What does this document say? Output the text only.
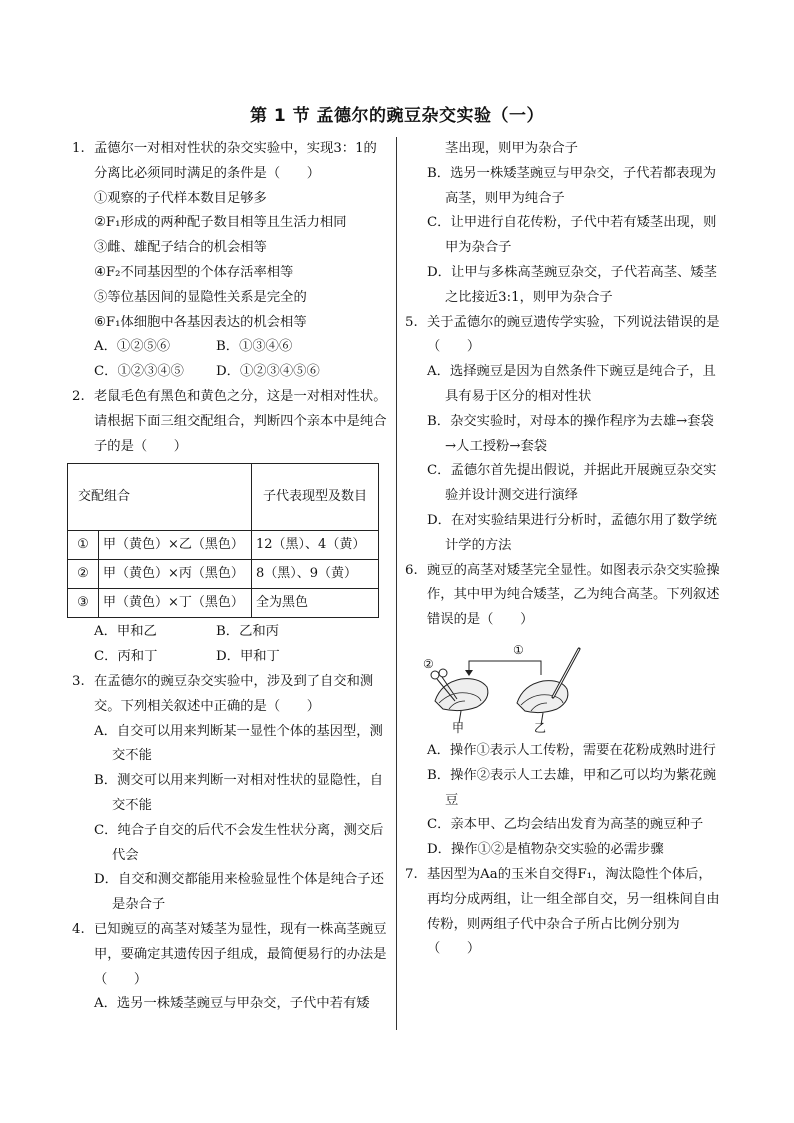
第 1 节 孟德尔的豌豆杂交实验（一）
1. 孟德尔一对相对性状的杂交实验中，实现3：1的分离比必须同时满足的条件是（　　）
①观察的子代样本数目足够多
②F₁形成的两种配子数目相等且生活力相同
③雌、雄配子结合的机会相等
④F₂不同基因型的个体存活率相等
⑤等位基因间的显隐性关系是完全的
⑥F₁体细胞中各基因表达的机会相等
A．①②⑤⑥	B．①③④⑥
C．①②③④⑤	D．①②③④⑤⑥
2. 老鼠毛色有黑色和黄色之分，这是一对相对性状。请根据下面三组交配组合，判断四个亲本中是纯合子的是（　　）
交配组合		子代表现型及数目
①	甲（黄色）×乙（黑色）	12（黑）、4（黄）
②	甲（黄色）×丙（黑色）	8（黑）、9（黄）
③	甲（黄色）×丁（黑色）	全为黑色
A．甲和乙	B．乙和丙
C．丙和丁	D．甲和丁
3. 在孟德尔的豌豆杂交实验中，涉及到了自交和测交。下列相关叙述中正确的是（　　）
A．自交可以用来判断某一显性个体的基因型，测交不能
B．测交可以用来判断一对相对性状的显隐性，自交不能
C．纯合子自交的后代不会发生性状分离，测交后代会
D．自交和测交都能用来检验显性个体是纯合子还是杂合子
4. 已知豌豆的高茎对矮茎为显性，现有一株高茎豌豆甲，要确定其遗传因子组成，最简便易行的办法是（　　）
A．选另一株矮茎豌豆与甲杂交，子代中若有矮
茎出现，则甲为杂合子
B．选另一株矮茎豌豆与甲杂交，子代若都表现为高茎，则甲为纯合子
C．让甲进行自花传粉，子代中若有矮茎出现，则甲为杂合子
D．让甲与多株高茎豌豆杂交，子代若高茎、矮茎之比接近3:1，则甲为杂合子
5. 关于孟德尔的豌豆遗传学实验，下列说法错误的是（　　）
A．选择豌豆是因为自然条件下豌豆是纯合子，且具有易于区分的相对性状
B．杂交实验时，对母本的操作程序为去雄→套袋→人工授粉→套袋
C．孟德尔首先提出假说，并据此开展豌豆杂交实验并设计测交进行演绎
D．在对实验结果进行分析时，孟德尔用了数学统计学的方法
6. 豌豆的高茎对矮茎完全显性。如图表示杂交实验操作，其中甲为纯合矮茎，乙为纯合高茎。下列叙述错误的是（　　）
①
②
甲	乙
A．操作①表示人工传粉，需要在花粉成熟时进行
B．操作②表示人工去雄，甲和乙可以均为紫花豌豆
C．亲本甲、乙均会结出发育为高茎的豌豆种子
D．操作①②是植物杂交实验的必需步骤
7. 基因型为Aa的玉米自交得F₁，淘汰隐性个体后，再均分成两组，让一组全部自交，另一组株间自由传粉，则两组子代中杂合子所占比例分别为（　　）
